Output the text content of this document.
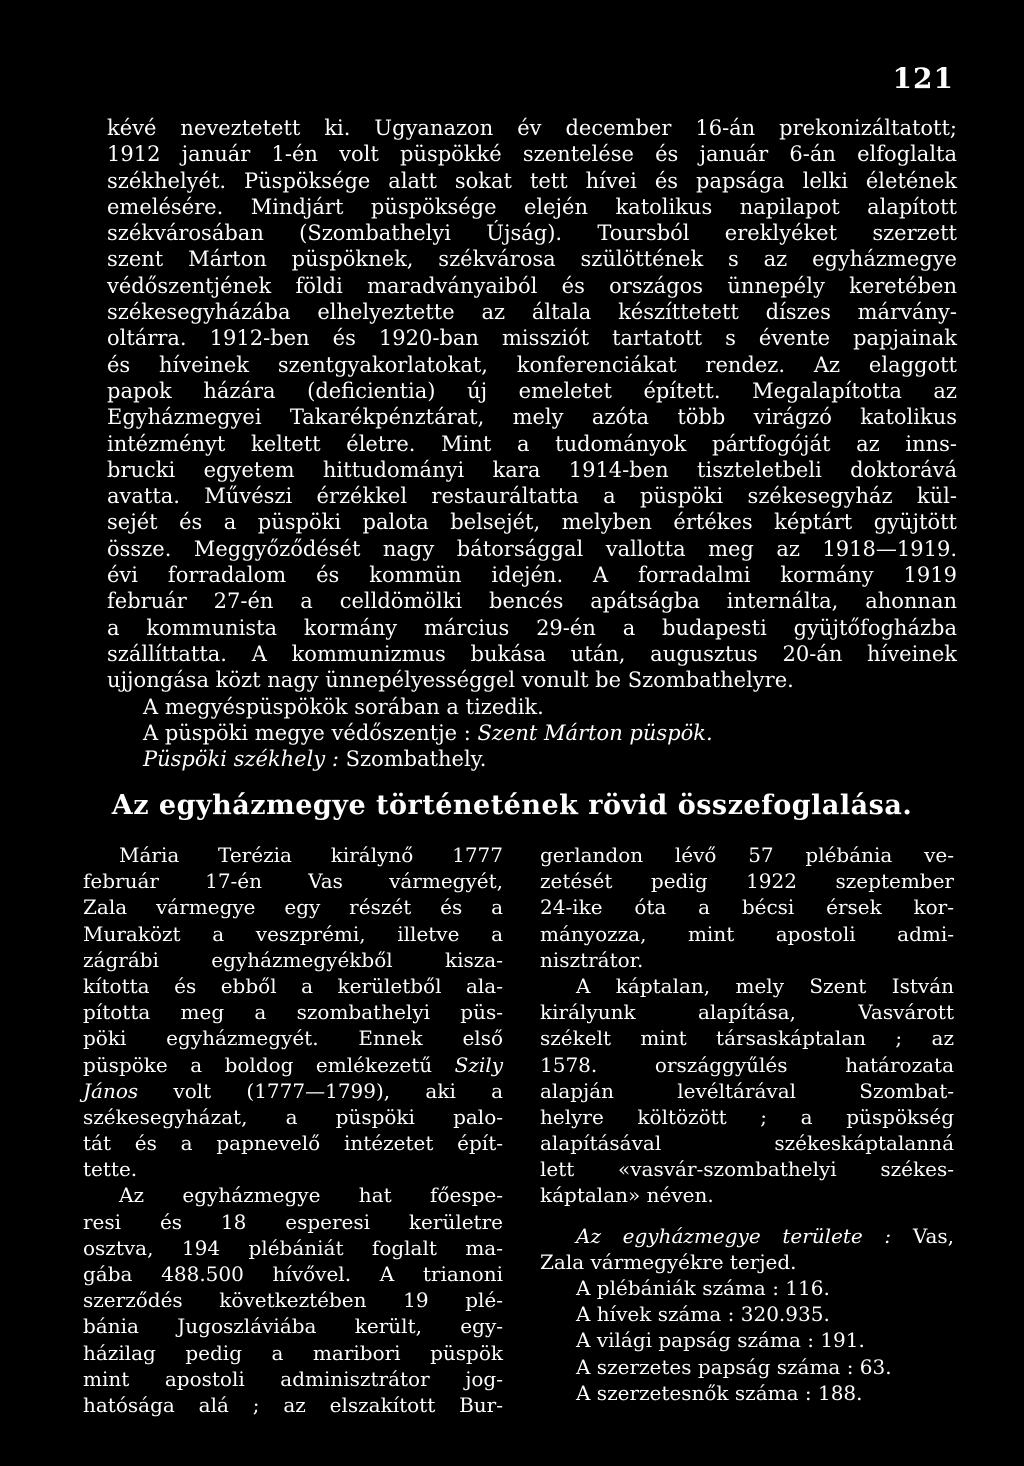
121
kévé neveztetett ki. Ugyanazon év december 16-án prekonizáltatott;
1912 január 1-én volt püspökké szentelése és január 6-án elfoglalta
székhelyét. Püspöksége alatt sokat tett hívei és papsága lelki életének
emelésére. Mindjárt püspöksége elején katolikus napilapot alapított
székvárosában (Szombathelyi Újság). Toursból ereklyéket szerzett
szent Márton püspöknek, székvárosa szülöttének s az egyházmegye
védőszentjének földi maradványaiból és országos ünnepély keretében
székesegyházába elhelyeztette az általa készíttetett díszes márvány-
oltárra. 1912-ben és 1920-ban missziót tartatott s évente papjainak
és híveinek szentgyakorlatokat, konferenciákat rendez. Az elaggott
papok házára (deficientia) új emeletet épített. Megalapította az
Egyházmegyei Takarékpénztárat, mely azóta több virágzó katolikus
intézményt keltett életre. Mint a tudományok pártfogóját az inns-
brucki egyetem hittudományi kara 1914-ben tiszteletbeli doktorává
avatta. Művészi érzékkel restauráltatta a püspöki székesegyház kül-
sejét és a püspöki palota belsejét, melyben értékes képtárt gyüjtött
össze. Meggyőződését nagy bátorsággal vallotta meg az 1918—1919.
évi forradalom és kommün idején. A forradalmi kormány 1919
február 27-én a celldömölki bencés apátságba internálta, ahonnan
a kommunista kormány március 29-én a budapesti gyüjtőfogházba
szállíttatta. A kommunizmus bukása után, augusztus 20-án híveinek
ujjongása közt nagy ünnepélyességgel vonult be Szombathelyre.
A megyéspüspökök sorában a tizedik.
A püspöki megye védőszentje : Szent Márton püspök.
Püspöki székhely : Szombathely.
Az egyházmegye történetének rövid összefoglalása.
Mária Terézia királynő 1777
február 17-én Vas vármegyét,
Zala vármegye egy részét és a
Muraközt a veszprémi, illetve a
zágrábi egyházmegyékből kisza-
kította és ebből a kerületből ala-
pította meg a szombathelyi püs-
pöki egyházmegyét. Ennek első
püspöke a boldog emlékezetű Szily
János volt (1777—1799), aki a
székesegyházat, a püspöki palo-
tát és a papnevelő intézetet épít-
tette.
Az egyházmegye hat főespe-
resi és 18 esperesi kerületre
osztva, 194 plébániát foglalt ma-
gába 488.500 hívővel. A trianoni
szerződés következtében 19 plé-
bánia Jugoszláviába került, egy-
házilag pedig a maribori püspök
mint apostoli adminisztrátor jog-
hatósága alá ; az elszakított Bur-
gerlandon lévő 57 plébánia ve-
zetését pedig 1922 szeptember
24-ike óta a bécsi érsek kor-
mányozza, mint apostoli admi-
nisztrátor.
A káptalan, mely Szent István
királyunk alapítása, Vasvárott
székelt mint társaskáptalan ; az
1578. országgyűlés határozata
alapján levéltárával Szombat-
helyre költözött ; a püspökség
alapításával székeskáptalanná
lett «vasvár-szombathelyi székes-
káptalan» néven.
Az egyházmegye területe : Vas,
Zala vármegyékre terjed.
A plébániák száma : 116.
A hívek száma : 320.935.
A világi papság száma : 191.
A szerzetes papság száma : 63.
A szerzetesnők száma : 188.
